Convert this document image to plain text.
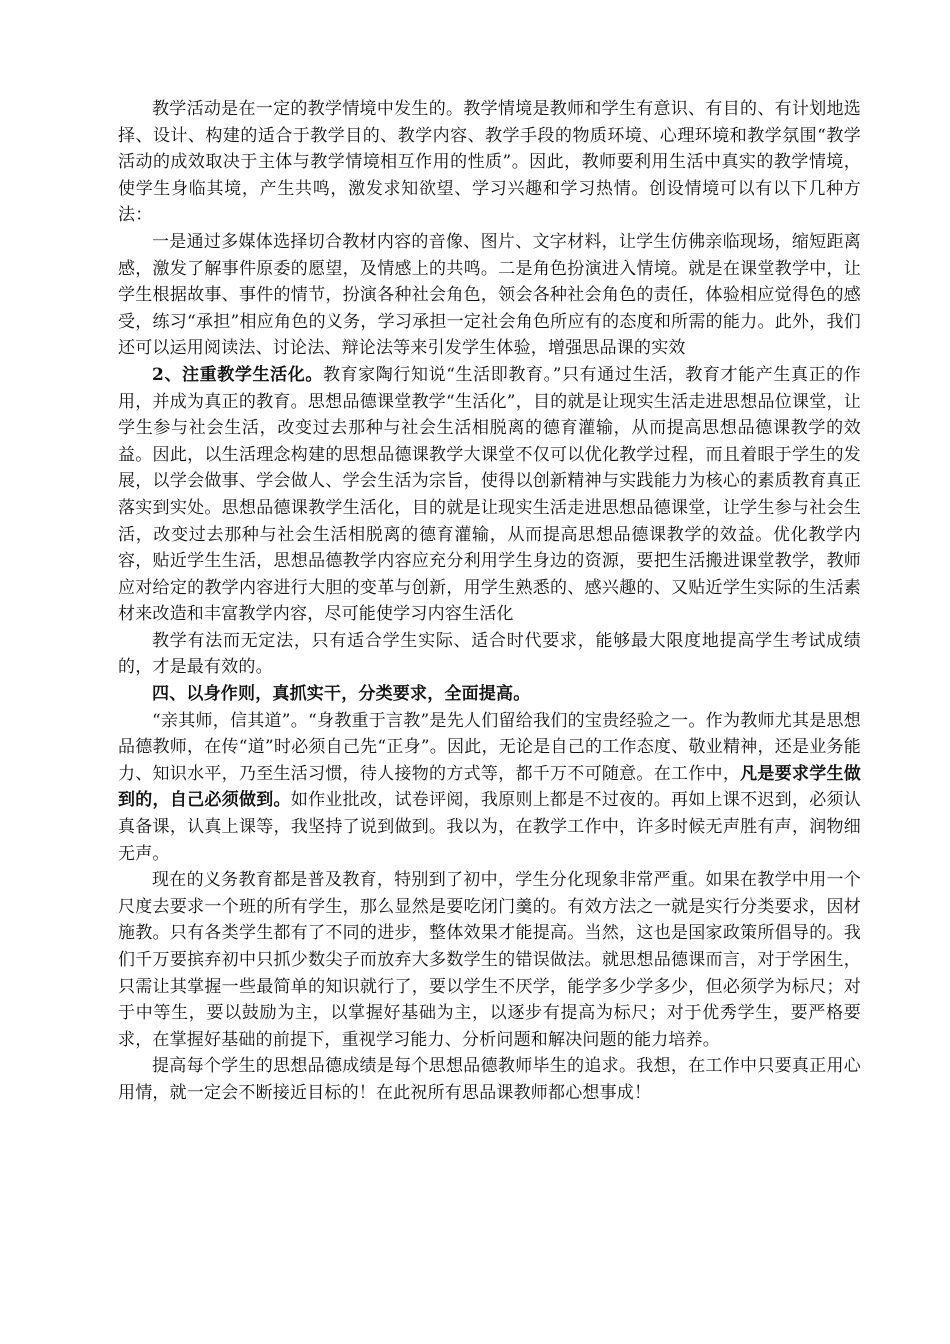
教学活动是在一定的教学情境中发生的。教学情境是教师和学生有意识、有目的、有计划地选择、设计、构建的适合于教学目的、教学内容、教学手段的物质环境、心理环境和教学氛围“教学活动的成效取决于主体与教学情境相互作用的性质”。因此，教师要利用生活中真实的教学情境，使学生身临其境，产生共鸣，激发求知欲望、学习兴趣和学习热情。创设情境可以有以下几种方法：

一是通过多媒体选择切合教材内容的音像、图片、文字材料，让学生仿佛亲临现场，缩短距离感，激发了解事件原委的愿望，及情感上的共鸣。二是角色扮演进入情境。就是在课堂教学中，让学生根据故事、事件的情节，扮演各种社会角色，领会各种社会角色的责任，体验相应觉得色的感受，练习“承担”相应角色的义务，学习承担一定社会角色所应有的态度和所需的能力。此外，我们还可以运用阅读法、讨论法、辩论法等来引发学生体验，增强思品课的实效

2、注重教学生活化。教育家陶行知说“生活即教育。”只有通过生活，教育才能产生真正的作用，并成为真正的教育。思想品德课堂教学“生活化”，目的就是让现实生活走进思想品位课堂，让学生参与社会生活，改变过去那种与社会生活相脱离的德育灌输，从而提高思想品德课教学的效益。因此，以生活理念构建的思想品德课教学大课堂不仅可以优化教学过程，而且着眼于学生的发展，以学会做事、学会做人、学会生活为宗旨，使得以创新精神与实践能力为核心的素质教育真正落实到实处。思想品德课教学生活化，目的就是让现实生活走进思想品德课堂，让学生参与社会生活，改变过去那种与社会生活相脱离的德育灌输，从而提高思想品德课教学的效益。优化教学内容，贴近学生生活，思想品德教学内容应充分利用学生身边的资源，要把生活搬进课堂教学，教师应对给定的教学内容进行大胆的变革与创新，用学生熟悉的、感兴趣的、又贴近学生实际的生活素材来改造和丰富教学内容，尽可能使学习内容生活化

教学有法而无定法，只有适合学生实际、适合时代要求，能够最大限度地提高学生考试成绩的，才是最有效的。

四、以身作则，真抓实干，分类要求，全面提高。

“亲其师，信其道”。“身教重于言教”是先人们留给我们的宝贵经验之一。作为教师尤其是思想品德教师，在传“道”时必须自己先“正身”。因此，无论是自己的工作态度、敬业精神，还是业务能力、知识水平，乃至生活习惯，待人接物的方式等，都千万不可随意。在工作中，凡是要求学生做到的，自己必须做到。如作业批改，试卷评阅，我原则上都是不过夜的。再如上课不迟到，必须认真备课，认真上课等，我坚持了说到做到。我以为，在教学工作中，许多时候无声胜有声，润物细无声。

现在的义务教育都是普及教育，特别到了初中，学生分化现象非常严重。如果在教学中用一个尺度去要求一个班的所有学生，那么显然是要吃闭门羹的。有效方法之一就是实行分类要求，因材施教。只有各类学生都有了不同的进步，整体效果才能提高。当然，这也是国家政策所倡导的。我们千万要摈弃初中只抓少数尖子而放弃大多数学生的错误做法。就思想品德课而言，对于学困生，只需让其掌握一些最简单的知识就行了，要以学生不厌学，能学多少学多少，但必须学为标尺；对于中等生，要以鼓励为主，以掌握好基础为主，以逐步有提高为标尺；对于优秀学生，要严格要求，在掌握好基础的前提下，重视学习能力、分析问题和解决问题的能力培养。

提高每个学生的思想品德成绩是每个思想品德教师毕生的追求。我想，在工作中只要真正用心用情，就一定会不断接近目标的！在此祝所有思品课教师都心想事成！
